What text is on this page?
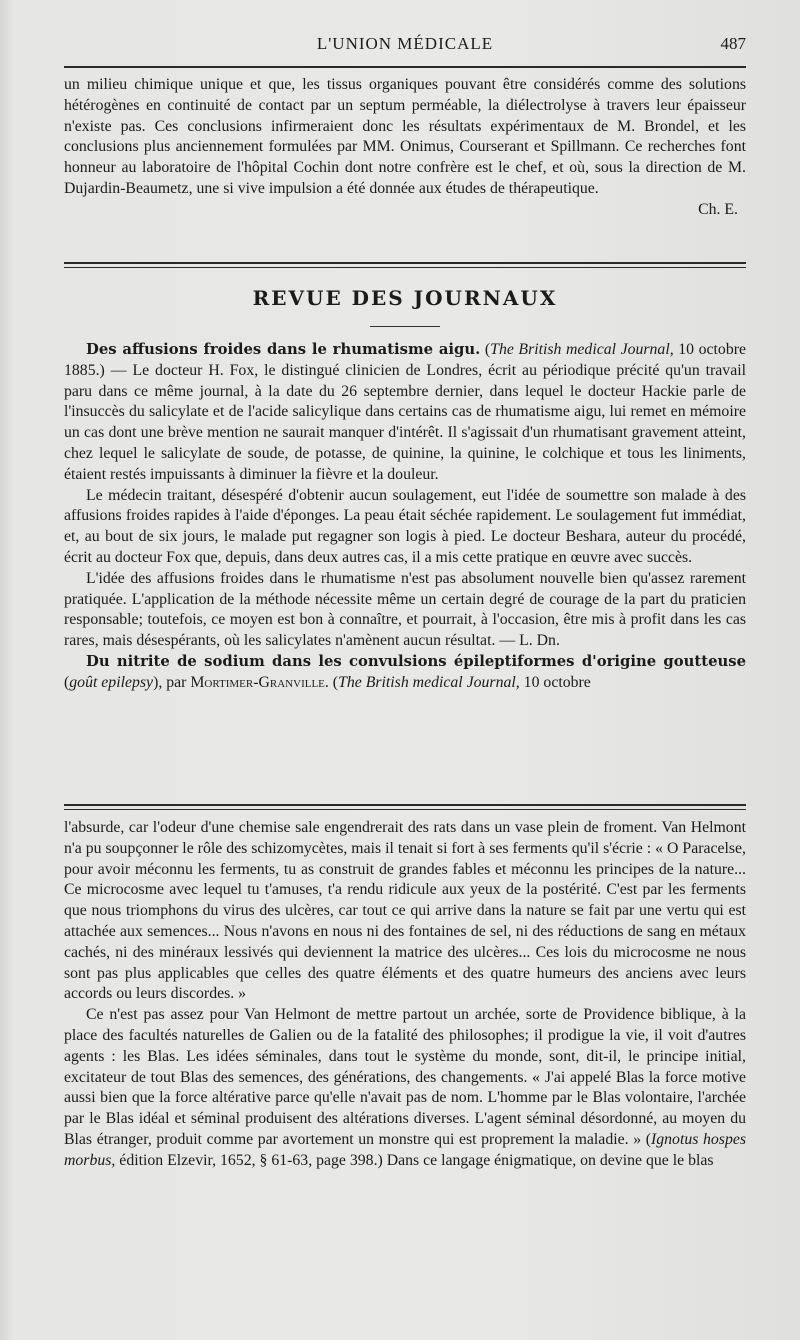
L'UNION MÉDICALE	487

un milieu chimique unique et que, les tissus organiques pouvant être considérés comme des solutions hétérogènes en continuité de contact par un septum perméable, la diélectrolyse à travers leur épaisseur n'existe pas. Ces conclusions infirmeraient donc les résultats expérimentaux de M. Brondel, et les conclusions plus anciennement formulées par MM. Onimus, Courserant et Spillmann. Ce recherches font honneur au laboratoire de l'hôpital Cochin dont notre confrère est le chef, et où, sous la direction de M. Dujardin-Beaumetz, une si vive impulsion a été donnée aux études de thérapeutique.

Ch. E.

REVUE DES JOURNAUX

Des affusions froides dans le rhumatisme aigu. (The British medical Journal, 10 octobre 1885.) — Le docteur H. Fox, le distingué clinicien de Londres, écrit au périodique précité qu'un travail paru dans ce même journal, à la date du 26 septembre dernier, dans lequel le docteur Hackie parle de l'insuccès du salicylate et de l'acide salicylique dans certains cas de rhumatisme aigu, lui remet en mémoire un cas dont une brève mention ne saurait manquer d'intérêt. Il s'agissait d'un rhumatisant gravement atteint, chez lequel le salicylate de soude, de potasse, de quinine, la quinine, le colchique et tous les liniments, étaient restés impuissants à diminuer la fièvre et la douleur.

Le médecin traitant, désespéré d'obtenir aucun soulagement, eut l'idée de soumettre son malade à des affusions froides rapides à l'aide d'éponges. La peau était séchée rapidement. Le soulagement fut immédiat, et, au bout de six jours, le malade put regagner son logis à pied. Le docteur Beshara, auteur du procédé, écrit au docteur Fox que, depuis, dans deux autres cas, il a mis cette pratique en œuvre avec succès.

L'idée des affusions froides dans le rhumatisme n'est pas absolument nouvelle bien qu'assez rarement pratiquée. L'application de la méthode nécessite même un certain degré de courage de la part du praticien responsable; toutefois, ce moyen est bon à connaître, et pourrait, à l'occasion, être mis à profit dans les cas rares, mais désespérants, où les salicylates n'amènent aucun résultat. — L. Dn.

Du nitrite de sodium dans les convulsions épileptiformes d'origine goutteuse (goût epilepsy), par Mortimer-Granville. (The British medical Journal, 10 octobre

l'absurde, car l'odeur d'une chemise sale engendrerait des rats dans un vase plein de froment. Van Helmont n'a pu soupçonner le rôle des schizomycètes, mais il tenait si fort à ses ferments qu'il s'écrie : « O Paracelse, pour avoir méconnu les ferments, tu as construit de grandes fables et méconnu les principes de la nature... Ce microcosme avec lequel tu t'amuses, t'a rendu ridicule aux yeux de la postérité. C'est par les ferments que nous triomphons du virus des ulcères, car tout ce qui arrive dans la nature se fait par une vertu qui est attachée aux semences... Nous n'avons en nous ni des fontaines de sel, ni des réductions de sang en métaux cachés, ni des minéraux lessivés qui deviennent la matrice des ulcères... Ces lois du microcosme ne nous sont pas plus applicables que celles des quatre éléments et des quatre humeurs des anciens avec leurs accords ou leurs discordes. »

Ce n'est pas assez pour Van Helmont de mettre partout un archée, sorte de Providence biblique, à la place des facultés naturelles de Galien ou de la fatalité des philosophes; il prodigue la vie, il voit d'autres agents : les Blas. Les idées séminales, dans tout le système du monde, sont, dit-il, le principe initial, excitateur de tout Blas des semences, des générations, des changements. « J'ai appelé Blas la force motive aussi bien que la force altérative parce qu'elle n'avait pas de nom. L'homme par le Blas volontaire, l'archée par le Blas idéal et séminal produisent des altérations diverses. L'agent séminal désordonné, au moyen du Blas étranger, produit comme par avortement un monstre qui est proprement la maladie. » (Ignotus hospes morbus, édition Elzevir, 1652, § 61-63, page 398.) Dans ce langage énigmatique, on devine que le blas
